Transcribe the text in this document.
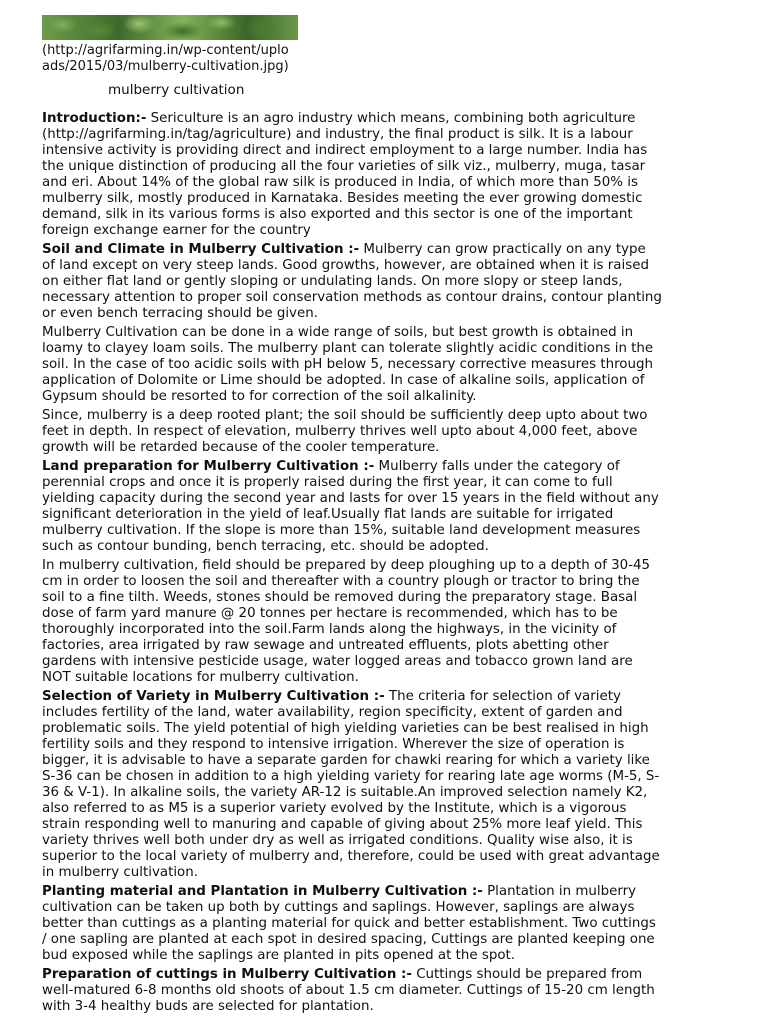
(http://agrifarming.in/wp-content/uploads/2015/03/mulberry-cultivation.jpg)
mulberry cultivation

Introduction:- Sericulture is an agro industry which means, combining both agriculture (http://agrifarming.in/tag/agriculture) and industry, the final product is silk. It is a labour intensive activity is providing direct and indirect employment to a large number. India has the unique distinction of producing all the four varieties of silk viz., mulberry, muga, tasar and eri. About 14% of the global raw silk is produced in India, of which more than 50% is mulberry silk, mostly produced in Karnataka. Besides meeting the ever growing domestic demand, silk in its various forms is also exported and this sector is one of the important foreign exchange earner for the country

Soil and Climate in Mulberry Cultivation :- Mulberry can grow practically on any type of land except on very steep lands. Good growths, however, are obtained when it is raised on either flat land or gently sloping or undulating lands. On more slopy or steep lands, necessary attention to proper soil conservation methods as contour drains, contour planting or even bench terracing should be given.

Mulberry Cultivation can be done in a wide range of soils, but best growth is obtained in loamy to clayey loam soils. The mulberry plant can tolerate slightly acidic conditions in the soil. In the case of too acidic soils with pH below 5, necessary corrective measures through application of Dolomite or Lime should be adopted. In case of alkaline soils, application of Gypsum should be resorted to for correction of the soil alkalinity.

Since, mulberry is a deep rooted plant; the soil should be sufficiently deep upto about two feet in depth. In respect of elevation, mulberry thrives well upto about 4,000 feet, above growth will be retarded because of the cooler temperature.

Land preparation for Mulberry Cultivation :- Mulberry falls under the category of perennial crops and once it is properly raised during the first year, it can come to full yielding capacity during the second year and lasts for over 15 years in the field without any significant deterioration in the yield of leaf.Usually flat lands are suitable for irrigated mulberry cultivation. If the slope is more than 15%, suitable land development measures such as contour bunding, bench terracing, etc. should be adopted.

In mulberry cultivation, field should be prepared by deep ploughing up to a depth of 30-45 cm in order to loosen the soil and thereafter with a country plough or tractor to bring the soil to a fine tilth. Weeds, stones should be removed during the preparatory stage. Basal dose of farm yard manure @ 20 tonnes per hectare is recommended, which has to be thoroughly incorporated into the soil.Farm lands along the highways, in the vicinity of factories, area irrigated by raw sewage and untreated effluents, plots abetting other gardens with intensive pesticide usage, water logged areas and tobacco grown land are NOT suitable locations for mulberry cultivation.

Selection of Variety in Mulberry Cultivation :- The criteria for selection of variety includes fertility of the land, water availability, region specificity, extent of garden and problematic soils. The yield potential of high yielding varieties can be best realised in high fertility soils and they respond to intensive irrigation. Wherever the size of operation is bigger, it is advisable to have a separate garden for chawki rearing for which a variety like S-36 can be chosen in addition to a high yielding variety for rearing late age worms (M-5, S-36 & V-1). In alkaline soils, the variety AR-12 is suitable.An improved selection namely K2, also referred to as M5 is a superior variety evolved by the Institute, which is a vigorous strain responding well to manuring and capable of giving about 25% more leaf yield. This variety thrives well both under dry as well as irrigated conditions. Quality wise also, it is superior to the local variety of mulberry and, therefore, could be used with great advantage in mulberry cultivation.

Planting material and Plantation in Mulberry Cultivation :- Plantation in mulberry cultivation can be taken up both by cuttings and saplings. However, saplings are always better than cuttings as a planting material for quick and better establishment. Two cuttings / one sapling are planted at each spot in desired spacing, Cuttings are planted keeping one bud exposed while the saplings are planted in pits opened at the spot.

Preparation of cuttings in Mulberry Cultivation :- Cuttings should be prepared from well-matured 6-8 months old shoots of about 1.5 cm diameter. Cuttings of 15-20 cm length with 3-4 healthy buds are selected for plantation.
